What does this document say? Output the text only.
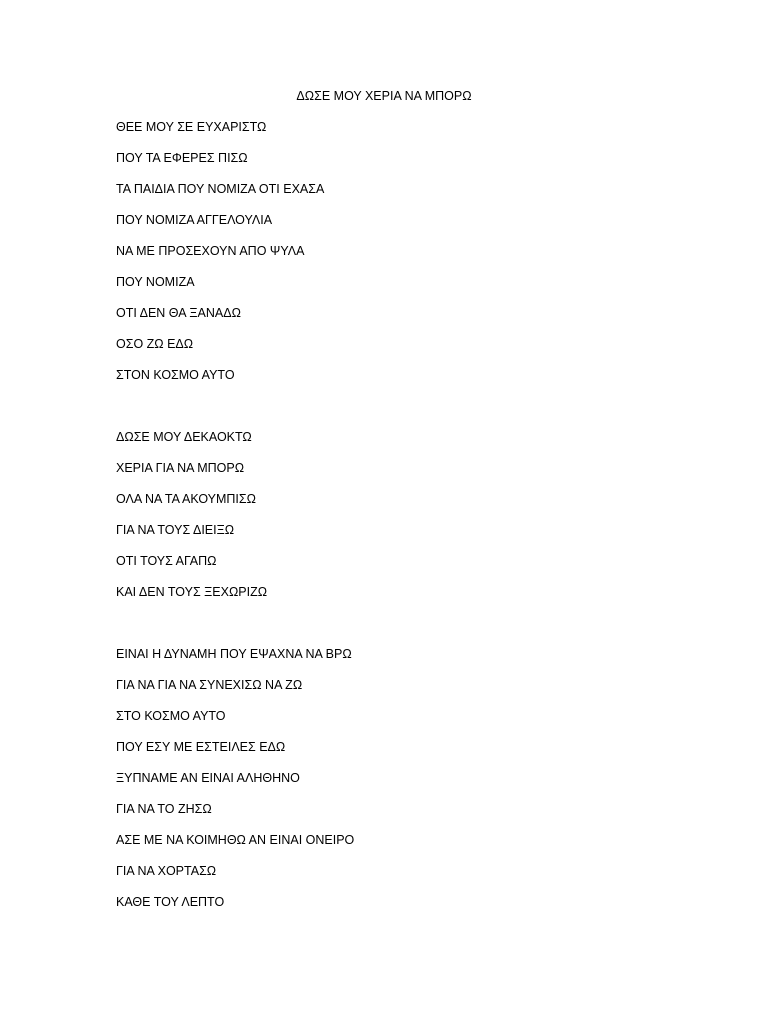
ΔΩΣΕ ΜΟΥ ΧΕΡΙΑ ΝΑ ΜΠΟΡΩ
ΘΕΕ ΜΟΥ ΣΕ ΕΥΧΑΡΙΣΤΩ
ΠΟΥ ΤΑ ΕΦΕΡΕΣ ΠΙΣΩ
ΤΑ ΠΑΙΔΙΑ ΠΟΥ ΝΟΜΙΖΑ ΟΤΙ ΕΧΑΣΑ
ΠΟΥ ΝΟΜΙΖΑ ΑΓΓΕΛΟΥΛΙΑ
ΝΑ ΜΕ ΠΡΟΣΕΧΟΥΝ ΑΠΟ ΨΥΛΑ
ΠΟΥ ΝΟΜΙΖΑ
ΟΤΙ ΔΕΝ ΘΑ ΞΑΝΑΔΩ
ΟΣΟ ΖΩ ΕΔΩ
ΣΤΟΝ ΚΟΣΜΟ ΑΥΤΟ
ΔΩΣΕ ΜΟΥ ΔΕΚΑΟΚΤΩ
ΧΕΡΙΑ ΓΙΑ ΝΑ ΜΠΟΡΩ
ΟΛΑ ΝΑ ΤΑ ΑΚΟΥΜΠΙΣΩ
ΓΙΑ ΝΑ ΤΟΥΣ ΔΙΕΙΞΩ
ΟΤΙ ΤΟΥΣ ΑΓΑΠΩ
ΚΑΙ ΔΕΝ ΤΟΥΣ ΞΕΧΩΡΙΖΩ
ΕΙΝΑΙ Η ΔΥΝΑΜΗ ΠΟΥ ΕΨΑΧΝΑ ΝΑ ΒΡΩ
ΓΙΑ ΝΑ ΓΙΑ ΝΑ ΣΥΝΕΧΙΣΩ ΝΑ ΖΩ
ΣΤΟ ΚΟΣΜΟ ΑΥΤΟ
ΠΟΥ ΕΣΥ ΜΕ ΕΣΤΕΙΛΕΣ ΕΔΩ
ΞΥΠΝΑΜΕ ΑΝ ΕΙΝΑΙ ΑΛΗΘΗΝΟ
ΓΙΑ ΝΑ ΤΟ ΖΗΣΩ
ΑΣΕ ΜΕ ΝΑ ΚΟΙΜΗΘΩ ΑΝ ΕΙΝΑΙ ΟΝΕΙΡΟ
ΓΙΑ ΝΑ ΧΟΡΤΑΣΩ
ΚΑΘΕ ΤΟΥ ΛΕΠΤΟ
